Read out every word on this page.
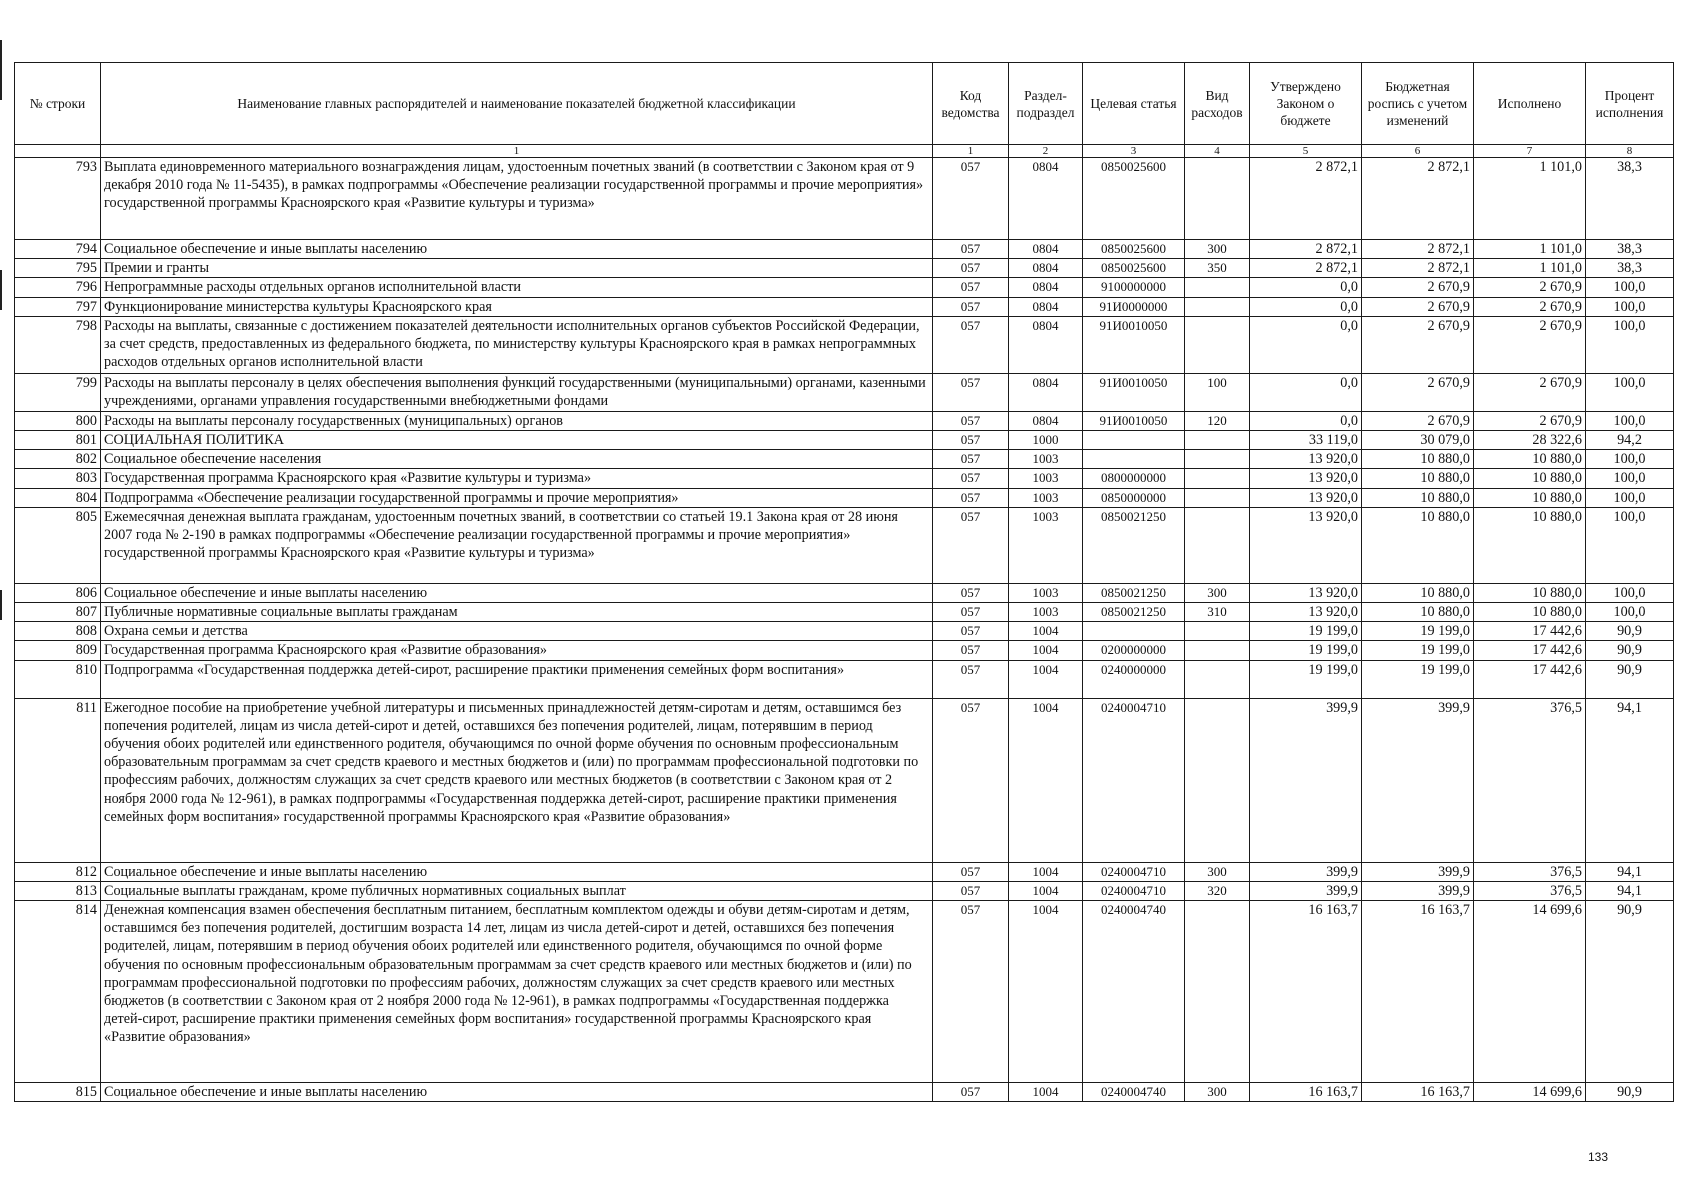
№ строки	Наименование главных распорядителей и наименование показателей бюджетной классификации	Код ведомства	Раздел-подраздел	Целевая статья	Вид расходов	Утверждено Законом о бюджете	Бюджетная роспись с учетом изменений	Исполнено	Процент исполнения
	1	1	2	3	4	5	6	7	8
793	Выплата единовременного материального вознаграждения лицам, удостоенным почетных званий (в соответствии с Законом края от 9 декабря 2010 года № 11-5435), в рамках подпрограммы «Обеспечение реализации государственной программы и прочие мероприятия» государственной программы Красноярского края «Развитие культуры и туризма»	057	0804	0850025600		2 872,1	2 872,1	1 101,0	38,3
794	Социальное обеспечение и иные выплаты населению	057	0804	0850025600	300	2 872,1	2 872,1	1 101,0	38,3
795	Премии и гранты	057	0804	0850025600	350	2 872,1	2 872,1	1 101,0	38,3
796	Непрограммные расходы отдельных органов исполнительной власти	057	0804	9100000000		0,0	2 670,9	2 670,9	100,0
797	Функционирование министерства культуры Красноярского края	057	0804	91И0000000		0,0	2 670,9	2 670,9	100,0
798	Расходы на выплаты, связанные с достижением показателей деятельности исполнительных органов субъектов Российской Федерации, за счет средств, предоставленных из федерального бюджета, по министерству культуры Красноярского края в рамках непрограммных расходов отдельных органов исполнительной власти	057	0804	91И0010050		0,0	2 670,9	2 670,9	100,0
799	Расходы на выплаты персоналу в целях обеспечения выполнения функций государственными (муниципальными) органами, казенными учреждениями, органами управления государственными внебюджетными фондами	057	0804	91И0010050	100	0,0	2 670,9	2 670,9	100,0
800	Расходы на выплаты персоналу государственных (муниципальных) органов	057	0804	91И0010050	120	0,0	2 670,9	2 670,9	100,0
801	СОЦИАЛЬНАЯ ПОЛИТИКА	057	1000			33 119,0	30 079,0	28 322,6	94,2
802	Социальное обеспечение населения	057	1003			13 920,0	10 880,0	10 880,0	100,0
803	Государственная программа Красноярского края «Развитие культуры и туризма»	057	1003	0800000000		13 920,0	10 880,0	10 880,0	100,0
804	Подпрограмма «Обеспечение реализации государственной программы и прочие мероприятия»	057	1003	0850000000		13 920,0	10 880,0	10 880,0	100,0
805	Ежемесячная денежная выплата гражданам, удостоенным почетных званий, в соответствии со статьей 19.1 Закона края от 28 июня 2007 года № 2-190 в рамках подпрограммы «Обеспечение реализации государственной программы и прочие мероприятия» государственной программы Красноярского края «Развитие культуры и туризма»	057	1003	0850021250		13 920,0	10 880,0	10 880,0	100,0
806	Социальное обеспечение и иные выплаты населению	057	1003	0850021250	300	13 920,0	10 880,0	10 880,0	100,0
807	Публичные нормативные социальные выплаты гражданам	057	1003	0850021250	310	13 920,0	10 880,0	10 880,0	100,0
808	Охрана семьи и детства	057	1004			19 199,0	19 199,0	17 442,6	90,9
809	Государственная программа Красноярского края «Развитие образования»	057	1004	0200000000		19 199,0	19 199,0	17 442,6	90,9
810	Подпрограмма «Государственная поддержка детей-сирот, расширение практики применения семейных форм воспитания»	057	1004	0240000000		19 199,0	19 199,0	17 442,6	90,9
811	Ежегодное пособие на приобретение учебной литературы и письменных принадлежностей детям-сиротам и детям, оставшимся без попечения родителей, лицам из числа детей-сирот и детей, оставшихся без попечения родителей, лицам, потерявшим в период обучения обоих родителей или единственного родителя, обучающимся по очной форме обучения по основным профессиональным образовательным программам за счет средств краевого и местных бюджетов и (или) по программам профессиональной подготовки по профессиям рабочих, должностям служащих за счет средств краевого или местных бюджетов (в соответствии с Законом края от 2 ноября 2000 года № 12-961), в рамках подпрограммы «Государственная поддержка детей-сирот, расширение практики применения семейных форм воспитания» государственной программы Красноярского края «Развитие образования»	057	1004	0240004710		399,9	399,9	376,5	94,1
812	Социальное обеспечение и иные выплаты населению	057	1004	0240004710	300	399,9	399,9	376,5	94,1
813	Социальные выплаты гражданам, кроме публичных нормативных социальных выплат	057	1004	0240004710	320	399,9	399,9	376,5	94,1
814	Денежная компенсация взамен обеспечения бесплатным питанием, бесплатным комплектом одежды и обуви детям-сиротам и детям, оставшимся без попечения родителей, достигшим возраста 14 лет, лицам из числа детей-сирот и детей, оставшихся без попечения родителей, лицам, потерявшим в период обучения обоих родителей или единственного родителя, обучающимся по очной форме обучения по основным профессиональным образовательным программам за счет средств краевого или местных бюджетов и (или) по программам профессиональной подготовки по профессиям рабочих, должностям служащих за счет средств краевого или местных бюджетов (в соответствии с Законом края от 2 ноября 2000 года № 12-961), в рамках подпрограммы «Государственная поддержка детей-сирот, расширение практики применения семейных форм воспитания» государственной программы Красноярского края «Развитие образования»	057	1004	0240004740		16 163,7	16 163,7	14 699,6	90,9
815	Социальное обеспечение и иные выплаты населению	057	1004	0240004740	300	16 163,7	16 163,7	14 699,6	90,9
133
